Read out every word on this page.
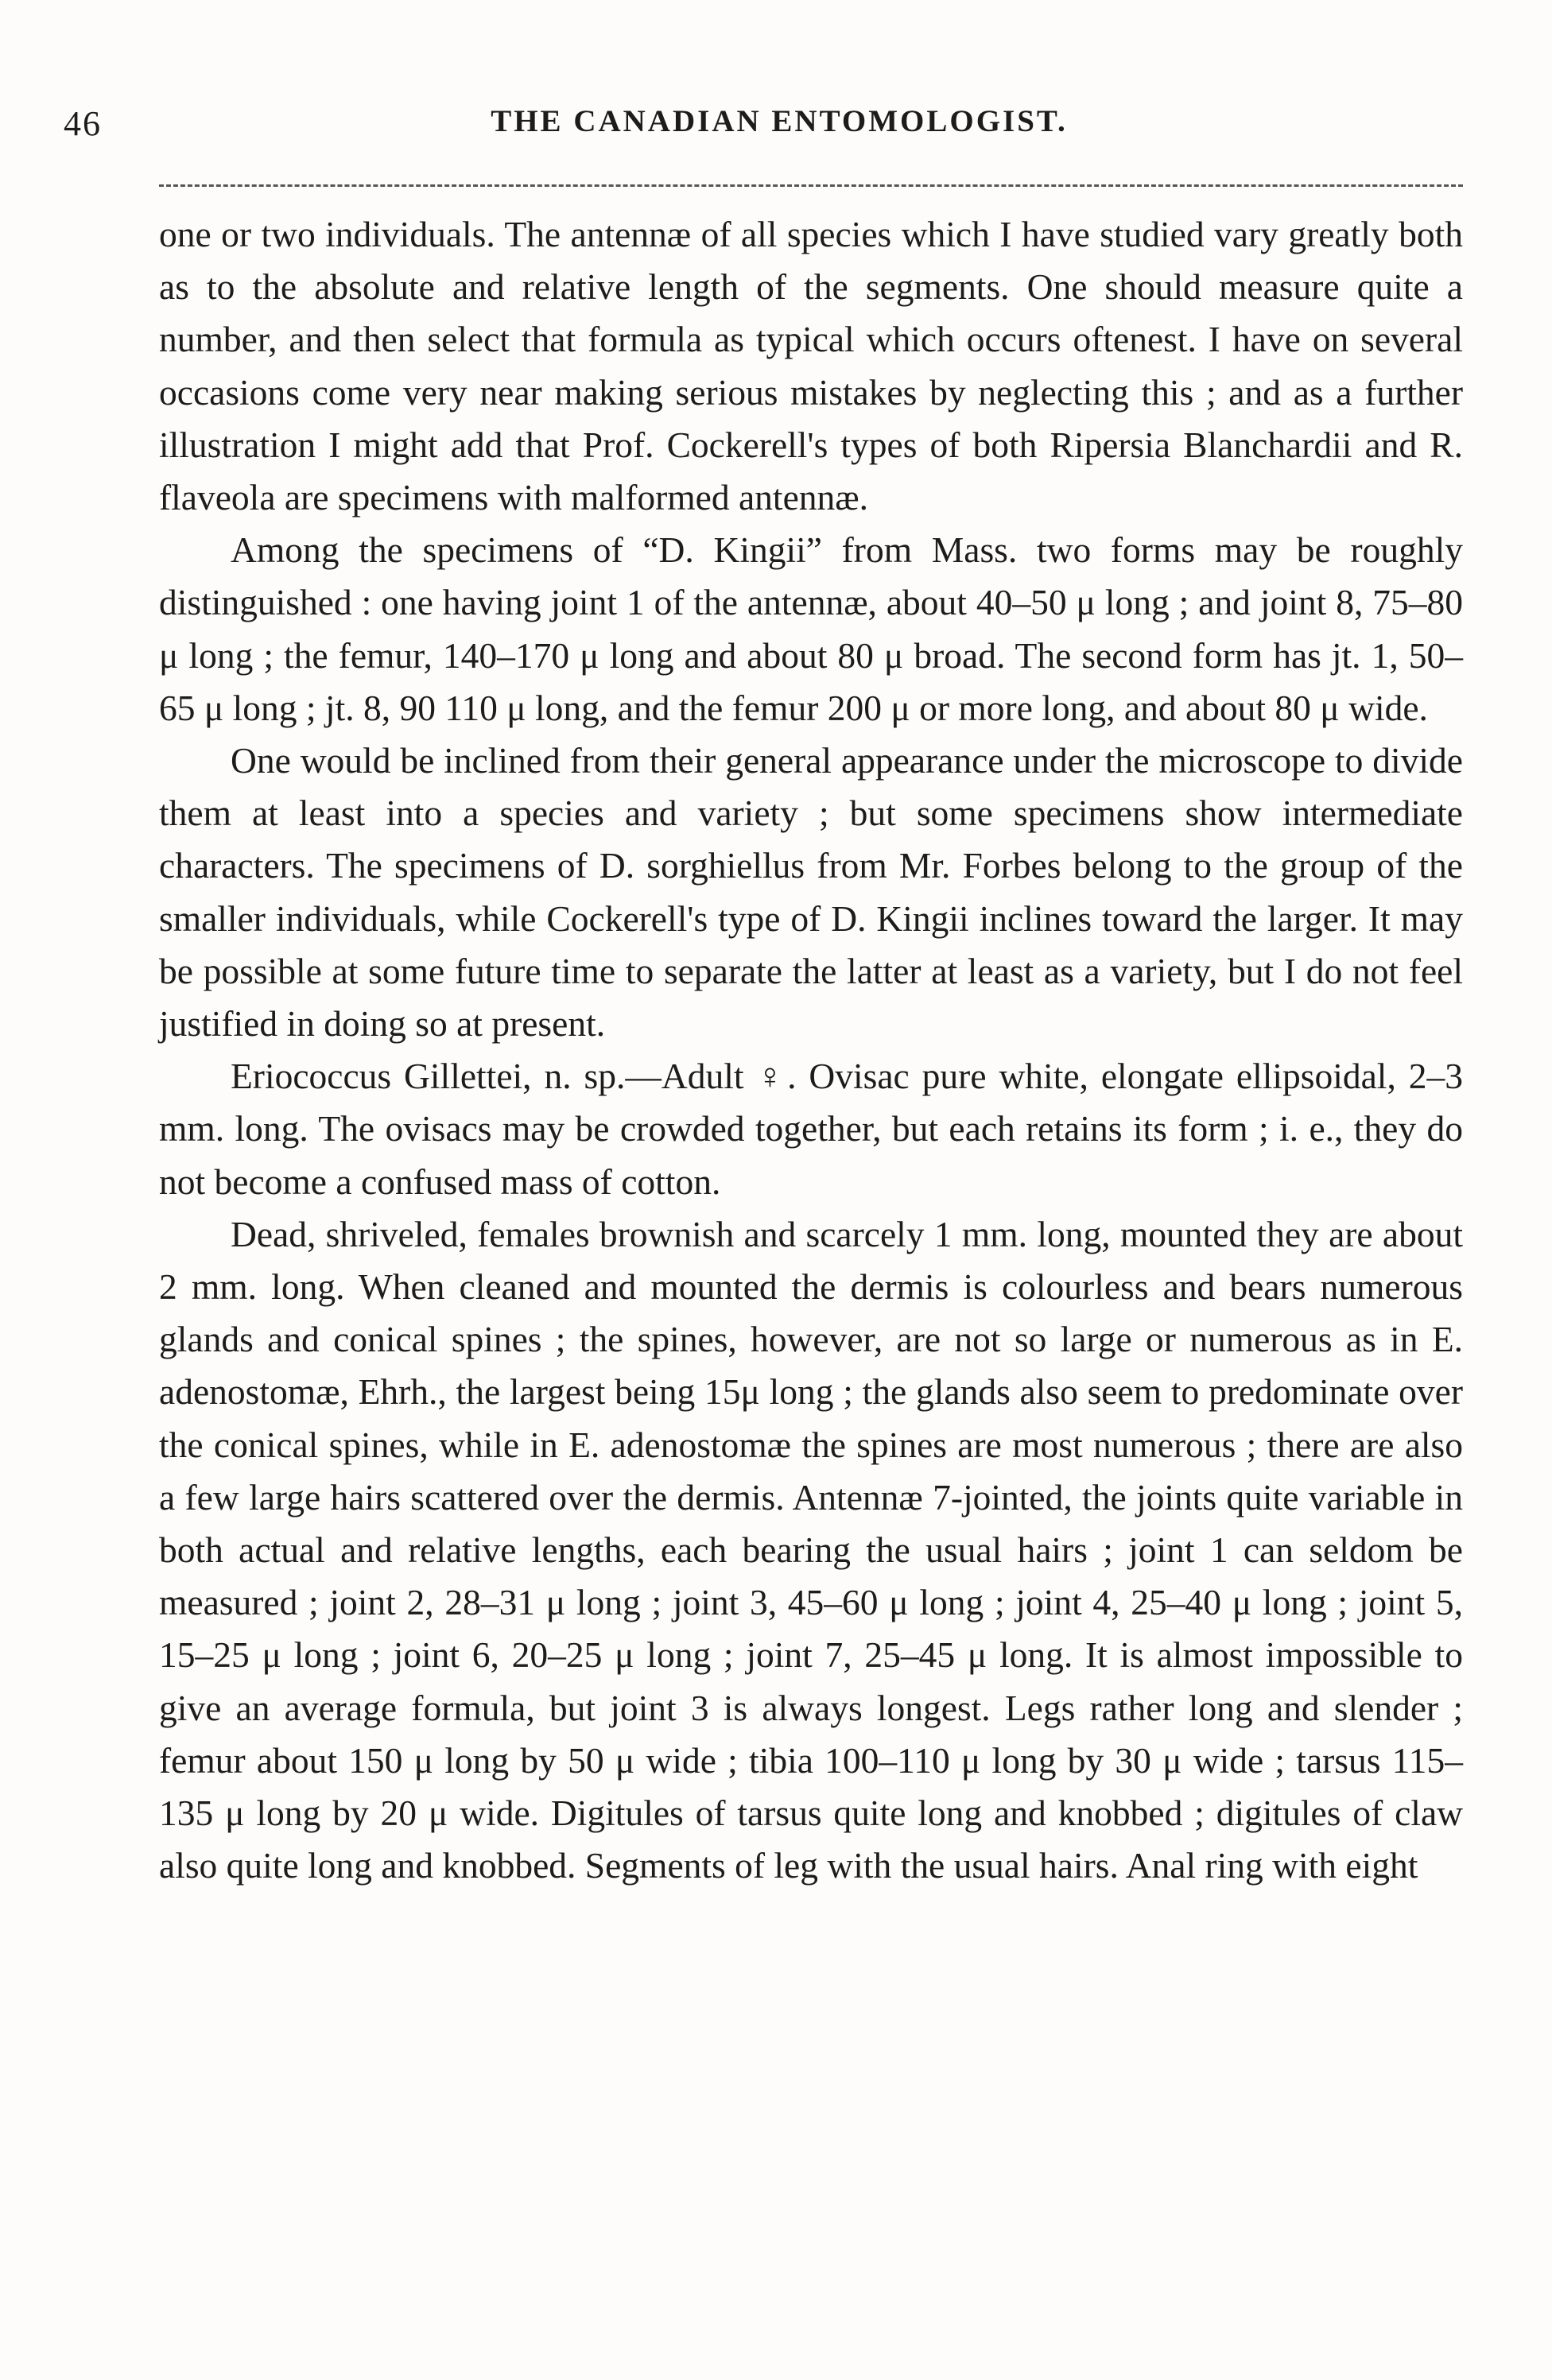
46	THE CANADIAN ENTOMOLOGIST.

one or two individuals. The antennæ of all species which I have studied vary greatly both as to the absolute and relative length of the segments. One should measure quite a number, and then select that formula as typical which occurs oftenest. I have on several occasions come very near making serious mistakes by neglecting this ; and as a further illustration I might add that Prof. Cockerell's types of both Ripersia Blanchardii and R. flaveola are specimens with malformed antennæ.

Among the specimens of “D. Kingii” from Mass. two forms may be roughly distinguished : one having joint 1 of the antennæ, about 40–50 μ long ; and joint 8, 75–80 μ long ; the femur, 140–170 μ long and about 80 μ broad. The second form has jt. 1, 50–65 μ long ; jt. 8, 90 110 μ long, and the femur 200 μ or more long, and about 80 μ wide.

One would be inclined from their general appearance under the microscope to divide them at least into a species and variety ; but some specimens show intermediate characters. The specimens of D. sorghiellus from Mr. Forbes belong to the group of the smaller individuals, while Cockerell's type of D. Kingii inclines toward the larger. It may be possible at some future time to separate the latter at least as a variety, but I do not feel justified in doing so at present.

Eriococcus Gillettei, n. sp.—Adult ♀. Ovisac pure white, elongate ellipsoidal, 2–3 mm. long. The ovisacs may be crowded together, but each retains its form ; i. e., they do not become a confused mass of cotton.

Dead, shriveled, females brownish and scarcely 1 mm. long, mounted they are about 2 mm. long. When cleaned and mounted the dermis is colourless and bears numerous glands and conical spines ; the spines, however, are not so large or numerous as in E. adenostomæ, Ehrh., the largest being 15μ long ; the glands also seem to predominate over the conical spines, while in E. adenostomæ the spines are most numerous ; there are also a few large hairs scattered over the dermis. Antennæ 7-jointed, the joints quite variable in both actual and relative lengths, each bearing the usual hairs ; joint 1 can seldom be measured ; joint 2, 28–31 μ long ; joint 3, 45–60 μ long ; joint 4, 25–40 μ long ; joint 5, 15–25 μ long ; joint 6, 20–25 μ long ; joint 7, 25–45 μ long. It is almost impossible to give an average formula, but joint 3 is always longest. Legs rather long and slender ; femur about 150 μ long by 50 μ wide ; tibia 100–110 μ long by 30 μ wide ; tarsus 115–135 μ long by 20 μ wide. Digitules of tarsus quite long and knobbed ; digitules of claw also quite long and knobbed. Segments of leg with the usual hairs. Anal ring with eight
